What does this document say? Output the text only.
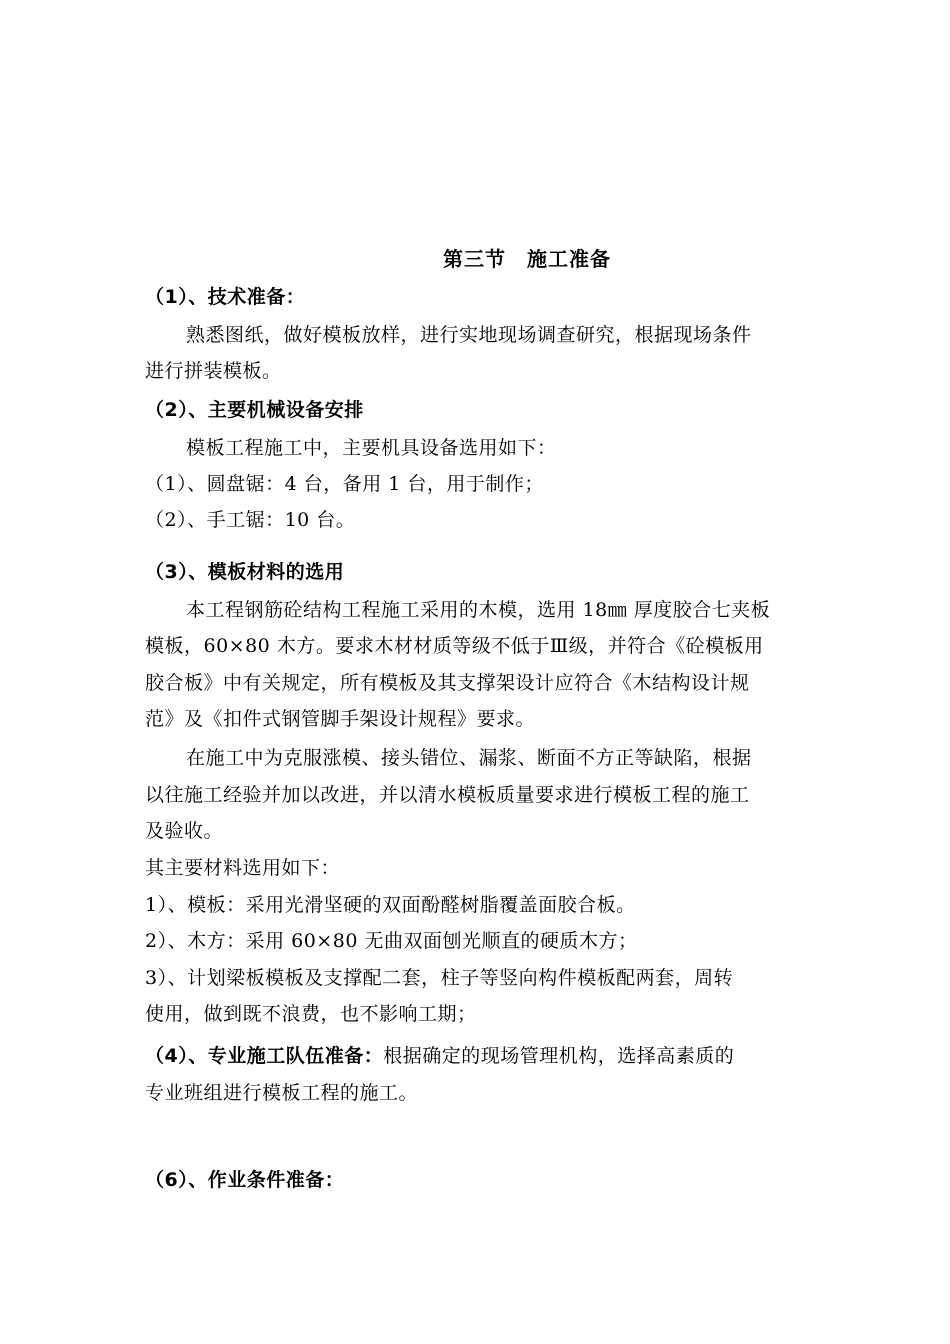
第三节　施工准备
（1）、技术准备：
熟悉图纸，做好模板放样，进行实地现场调查研究，根据现场条件
进行拼装模板。
（2）、主要机械设备安排
模板工程施工中，主要机具设备选用如下：
（1）、圆盘锯：4 台，备用 1 台，用于制作；
（2）、手工锯：10 台。
（3）、模板材料的选用
本工程钢筋砼结构工程施工采用的木模，选用 18㎜ 厚度胶合七夹板
模板，60×80 木方。要求木材材质等级不低于Ⅲ级，并符合《砼模板用
胶合板》中有关规定，所有模板及其支撑架设计应符合《木结构设计规
范》及《扣件式钢管脚手架设计规程》要求。
在施工中为克服涨模、接头错位、漏浆、断面不方正等缺陷，根据
以往施工经验并加以改进，并以清水模板质量要求进行模板工程的施工
及验收。
其主要材料选用如下：
1）、模板：采用光滑坚硬的双面酚醛树脂覆盖面胶合板。
2）、木方：采用 60×80 无曲双面刨光顺直的硬质木方；
3）、计划梁板模板及支撑配二套，柱子等竖向构件模板配两套，周转
使用，做到既不浪费，也不影响工期；
（4）、专业施工队伍准备：根据确定的现场管理机构，选择高素质的
专业班组进行模板工程的施工。
（6）、作业条件准备：
